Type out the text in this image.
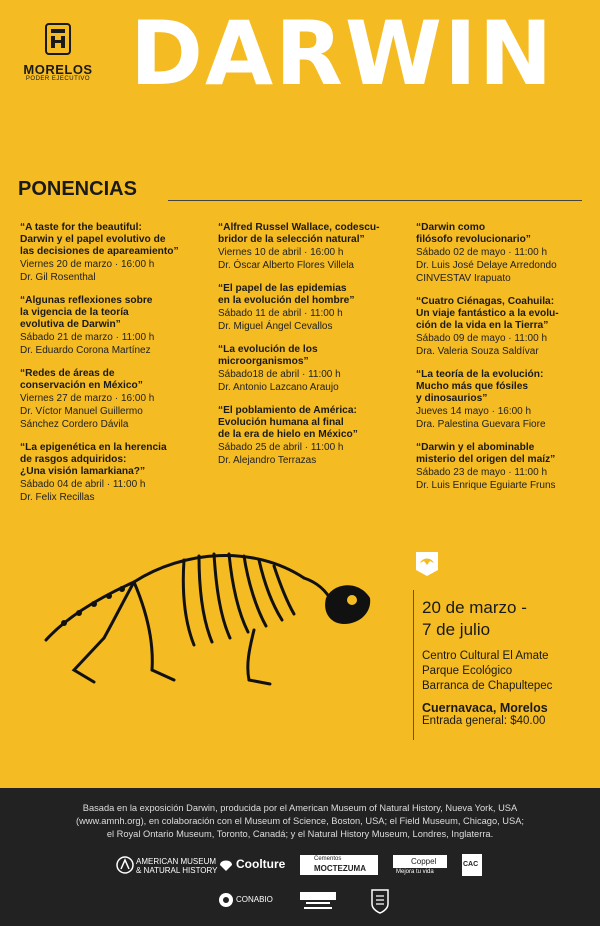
MORELOS
PODER EJECUTIVO DARWIN
PONENCIAS
“A taste for the beautiful:
Darwin y el papel evolutivo de
las decisiones de apareamiento”
Viernes 20 de marzo · 16:00 h
Dr. Gil Rosenthal
“Algunas reflexiones sobre
la vigencia de la teoría
evolutiva de Darwin”
Sábado 21 de marzo · 11:00 h
Dr. Eduardo Corona Martínez
“Redes de áreas de
conservación en México”
Viernes 27 de marzo · 16:00 h
Dr. Víctor Manuel Guillermo
Sánchez Cordero Dávila
“La epigenética en la herencia
de rasgos adquiridos:
¿Una visión lamarkiana?”
Sábado 04 de abril · 11:00 h
Dr. Felix Recillas
“Alfred Russel Wallace, codescu-
bridor de la selección natural”
Viernes 10 de abril · 16:00 h
Dr. Óscar Alberto Flores Villela
“El papel de las epidemias
en la evolución del hombre”
Sábado 11 de abril · 11:00 h
Dr. Miguel Ángel Cevallos
“La evolución de los
microorganismos”
Sábado18 de abril · 11:00 h
Dr. Antonio Lazcano Araujo
“El poblamiento de América:
Evolución humana al final
de la era de hielo en México”
Sábado 25 de abril · 11:00 h
Dr. Alejandro Terrazas
“Darwin como
filósofo revolucionario”
Sábado 02 de mayo · 11:00 h
Dr. Luis José Delaye Arredondo
CINVESTAV Irapuato
“Cuatro Ciénagas, Coahuila:
Un viaje fantástico a la evolu-
ción de la vida en la Tierra”
Sábado 09 de mayo · 11:00 h
Dra. Valeria Souza Saldívar
“La teoría de la evolución:
Mucho más que fósiles
y dinosaurios”
Jueves 14 mayo · 16:00 h
Dra. Palestina Guevara Fiore
“Darwin y el abominable
misterio del origen del maíz”
Sábado 23 de mayo · 11:00 h
Dr. Luis Enrique Eguiarte Fruns
20 de marzo -
7 de julio
Centro Cultural El Amate
Parque Ecológico
Barranca de Chapultepec
Cuernavaca, Morelos
Entrada general: $40.00
Basada en la exposición Darwin, producida por el American Museum of Natural History, Nueva York, USA
(www.amnh.org), en colaboración con el Museum of Science, Boston, USA; el Field Museum, Chicago, USA;
el Royal Ontario Museum, Toronto, Canadá; y el Natural History Museum, Londres, Inglaterra.
AMERICAN MUSEUM
& NATURAL HISTORY Coolture	Cementos
MOCTEZUMA
Coppel
Mejora tu vida
CAC
CONABIO
